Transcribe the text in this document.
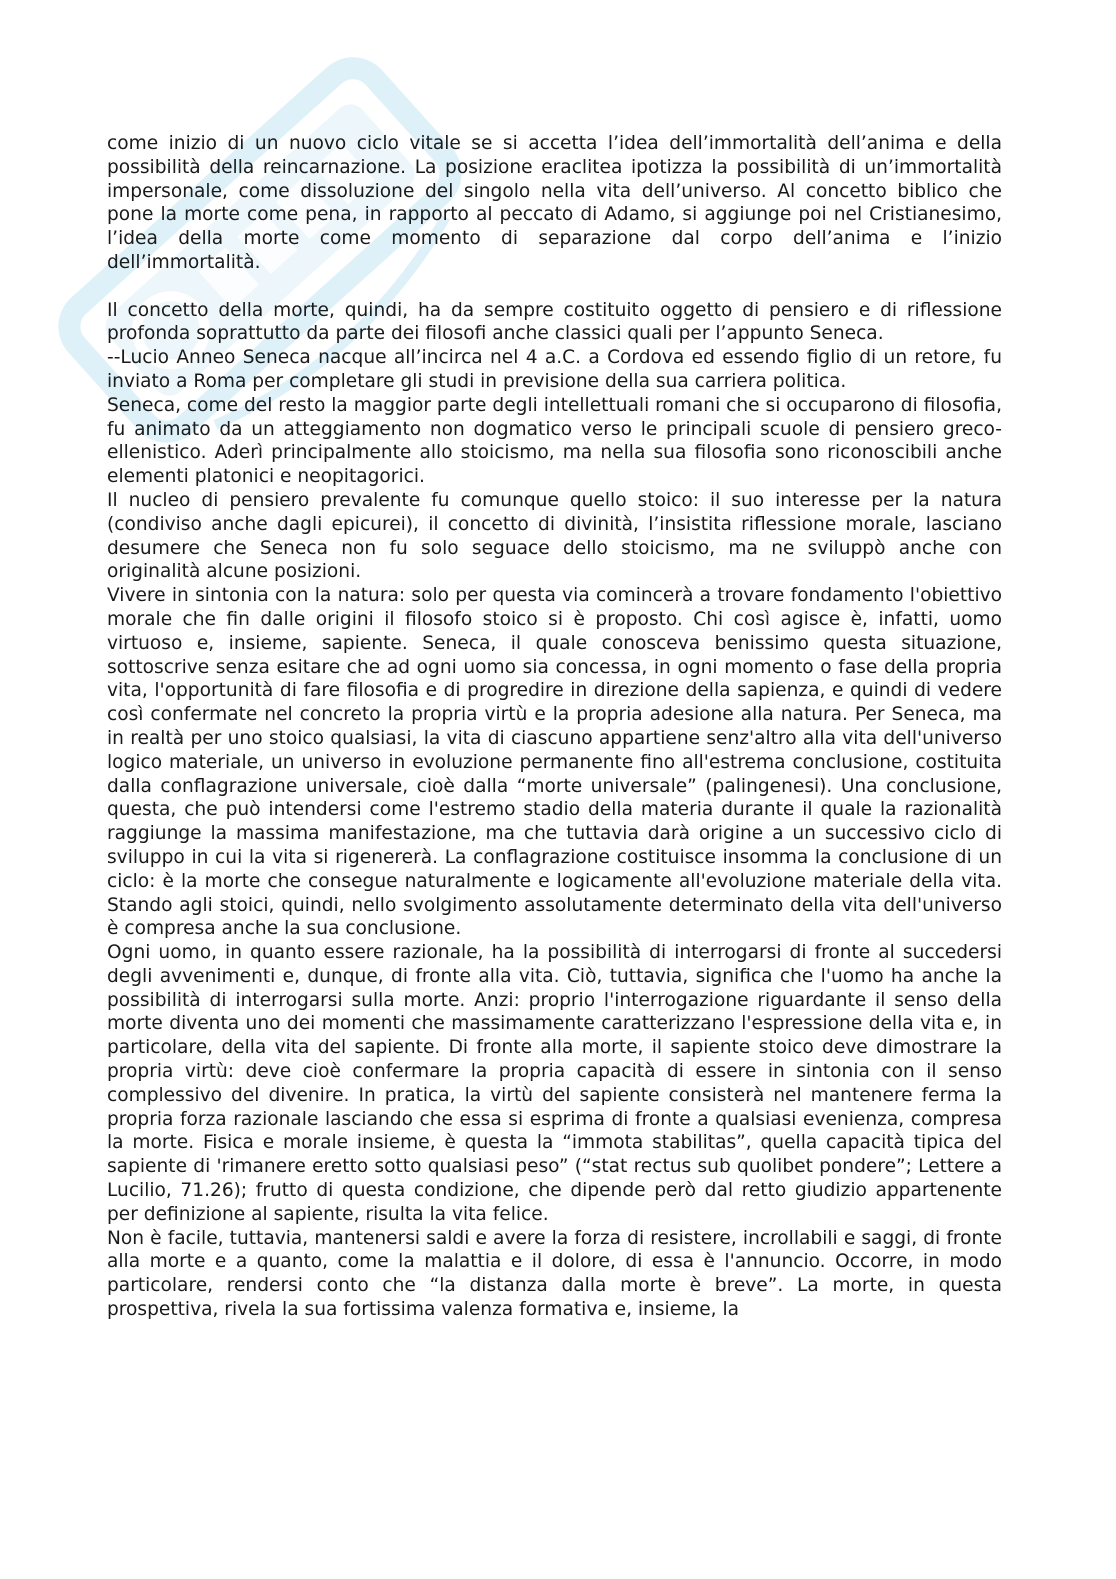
come inizio di un nuovo ciclo vitale se si accetta l’idea dell’immortalità dell’anima e della possibilità della reincarnazione. La posizione eraclitea ipotizza la possibilità di un’immortalità impersonale, come dissoluzione del singolo nella vita dell’universo. Al concetto biblico che pone la morte come pena, in rapporto al peccato di Adamo, si aggiunge poi nel Cristianesimo, l’idea della morte come momento di separazione dal corpo dell’anima e l’inizio dell’immortalità.

Il concetto della morte, quindi, ha da sempre costituito oggetto di pensiero e di riflessione profonda soprattutto da parte dei filosofi anche classici quali per l’appunto Seneca.

--Lucio Anneo Seneca nacque all’incirca nel 4 a.C. a Cordova ed essendo figlio di un retore, fu inviato a Roma per completare gli studi in previsione della sua carriera politica.

Seneca, come del resto la maggior parte degli intellettuali romani che si occuparono di filosofia, fu animato da un atteggiamento non dogmatico verso le principali scuole di pensiero greco-ellenistico. Aderì principalmente allo stoicismo, ma nella sua filosofia sono riconoscibili anche elementi platonici e neopitagorici.

Il nucleo di pensiero prevalente fu comunque quello stoico: il suo interesse per la natura (condiviso anche dagli epicurei), il concetto di divinità, l’insistita riflessione morale, lasciano desumere che Seneca non fu solo seguace dello stoicismo, ma ne sviluppò anche con originalità alcune posizioni.

Vivere in sintonia con la natura: solo per questa via comincerà a trovare fondamento l'obiettivo morale che fin dalle origini il filosofo stoico si è proposto. Chi così agisce è, infatti, uomo virtuoso e, insieme, sapiente. Seneca, il quale conosceva benissimo questa situazione, sottoscrive senza esitare che ad ogni uomo sia concessa, in ogni momento o fase della propria vita, l'opportunità di fare filosofia e di progredire in direzione della sapienza, e quindi di vedere così confermate nel concreto la propria virtù e la propria adesione alla natura. Per Seneca, ma in realtà per uno stoico qualsiasi, la vita di ciascuno appartiene senz'altro alla vita dell'universo logico materiale, un universo in evoluzione permanente fino all'estrema conclusione, costituita dalla conflagrazione universale, cioè dalla “morte universale” (palingenesi). Una conclusione, questa, che può intendersi come l'estremo stadio della materia durante il quale la razionalità raggiunge la massima manifestazione, ma che tuttavia darà origine a un successivo ciclo di sviluppo in cui la vita si rigenererà. La conflagrazione costituisce insomma la conclusione di un ciclo: è la morte che consegue naturalmente e logicamente all'evoluzione materiale della vita. Stando agli stoici, quindi, nello svolgimento assolutamente determinato della vita dell'universo è compresa anche la sua conclusione.

Ogni uomo, in quanto essere razionale, ha la possibilità di interrogarsi di fronte al succedersi degli avvenimenti e, dunque, di fronte alla vita. Ciò, tuttavia, significa che l'uomo ha anche la possibilità di interrogarsi sulla morte. Anzi: proprio l'interrogazione riguardante il senso della morte diventa uno dei momenti che massimamente caratterizzano l'espressione della vita e, in particolare, della vita del sapiente. Di fronte alla morte, il sapiente stoico deve dimostrare la propria virtù: deve cioè confermare la propria capacità di essere in sintonia con il senso complessivo del divenire. In pratica, la virtù del sapiente consisterà nel mantenere ferma la propria forza razionale lasciando che essa si esprima di fronte a qualsiasi evenienza, compresa la morte. Fisica e morale insieme, è questa la “immota stabilitas”, quella capacità tipica del sapiente di 'rimanere eretto sotto qualsiasi peso” (“stat rectus sub quolibet pondere”; Lettere a Lucilio, 71.26); frutto di questa condizione, che dipende però dal retto giudizio appartenente per definizione al sapiente, risulta la vita felice.

Non è facile, tuttavia, mantenersi saldi e avere la forza di resistere, incrollabili e saggi, di fronte alla morte e a quanto, come la malattia e il dolore, di essa è l'annuncio. Occorre, in modo particolare, rendersi conto che “la distanza dalla morte è breve”. La morte, in questa prospettiva, rivela la sua fortissima valenza formativa e, insieme, la
